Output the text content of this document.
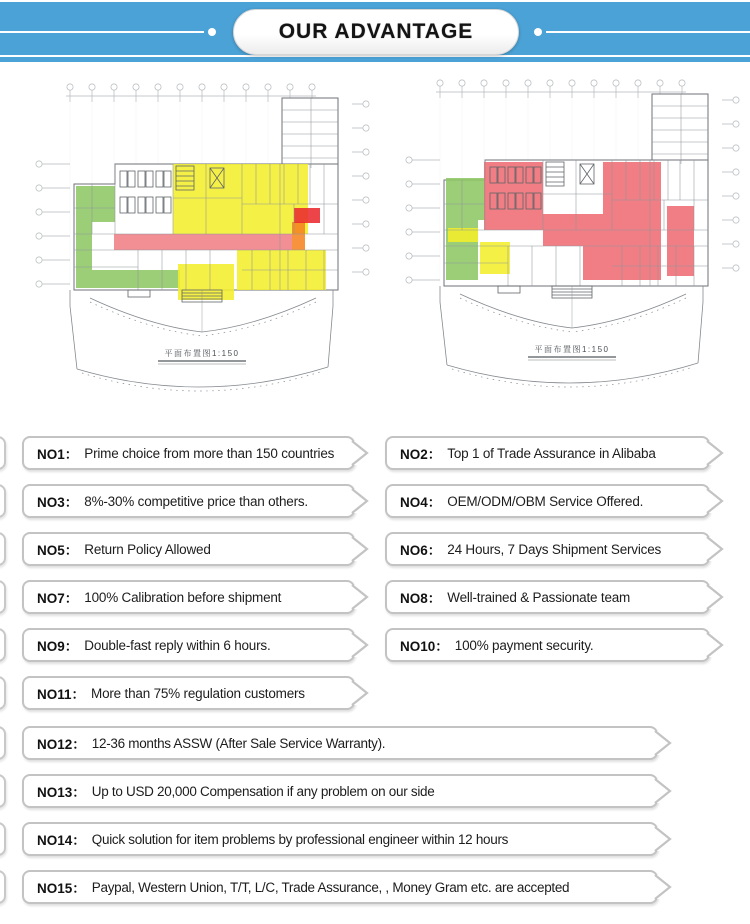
OUR ADVANTAGE
平面布置图1:150	平面布置图1:150
NO1： Prime choice from more than 150 countries	NO2： Top 1 of Trade Assurance in Alibaba
NO3： 8%-30% competitive price than others.	NO4： OEM/ODM/OBM Service Offered.
NO5： Return Policy Allowed	NO6： 24 Hours, 7 Days Shipment Services
NO7： 100% Calibration before shipment	NO8： Well-trained & Passionate team
NO9： Double-fast reply within 6 hours.	NO10： 100% payment security.
NO11： More than 75% regulation customers
NO12： 12-36 months ASSW (After Sale Service Warranty).
NO13： Up to USD 20,000 Compensation if any problem on our side
NO14： Quick solution for item problems by professional engineer within 12 hours
NO15： Paypal, Western Union, T/T, L/C, Trade Assurance, , Money Gram etc. are accepted
